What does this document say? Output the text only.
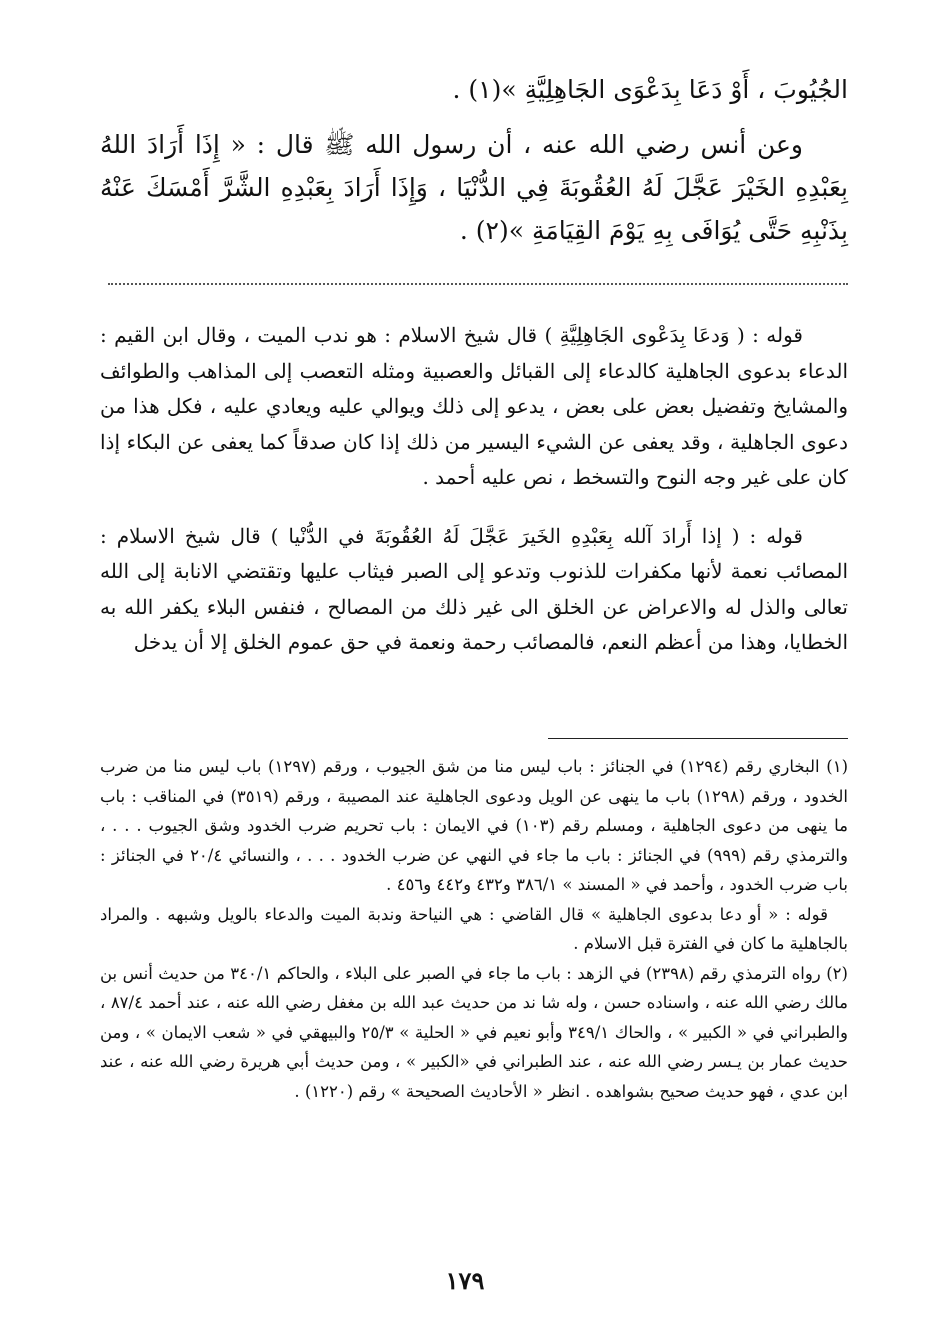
الجُيُوبَ ، أَوْ دَعَا بِدَعْوَى الجَاهِلِيَّةِ »(١) .

وعن أنس رضي الله عنه ، أن رسول الله ﷺ قال : « إِذَا أَرَادَ اللهُ بِعَبْدِهِ الخَيْرَ عَجَّلَ لَهُ العُقُوبَةَ فِي الدُّنْيَا ، وَإِذَا أَرَادَ بِعَبْدِهِ الشَّرَّ أَمْسَكَ عَنْهُ بِذَنْبِهِ حَتَّى يُوَافَى بِهِ يَوْمَ القِيَامَةِ »(٢) .

قوله : ( وَدعَا بِدَعْوى الجَاهِلِيَّةِ ) قال شيخ الاسلام : هو ندب الميت ، وقال ابن القيم : الدعاء بدعوى الجاهلية كالدعاء إلى القبائل والعصبية ومثله التعصب إلى المذاهب والطوائف والمشايخ وتفضيل بعض على بعض ، يدعو إلى ذلك ويوالي عليه ويعادي عليه ، فكل هذا من دعوى الجاهلية ، وقد يعفى عن الشيء اليسير من ذلك إذا كان صدقاً كما يعفى عن البكاء إذا كان على غير وجه النوح والتسخط ، نص عليه أحمد .

قوله : ( إذا أَرادَ آلله بِعَبْدِهِ الخَيرَ عَجَّلَ لَهُ العُقُوبَةَ في الدُّنْيا ) قال شيخ الاسلام : المصائب نعمة لأنها مكفرات للذنوب وتدعو إلى الصبر فيثاب عليها وتقتضي الانابة إلى الله تعالى والذل له والاعراض عن الخلق الى غير ذلك من المصالح ، فنفس البلاء يكفر الله به الخطايا، وهذا من أعظم النعم، فالمصائب رحمة ونعمة في حق عموم الخلق إلا أن يدخل

(١) البخاري رقم (١٢٩٤) في الجنائز : باب ليس منا من شق الجيوب ، ورقم (١٢٩٧) باب ليس منا من ضرب الخدود ، ورقم (١٢٩٨) باب ما ينهى عن الويل ودعوى الجاهلية عند المصيبة ، ورقم (٣٥١٩) في المناقب : باب ما ينهى من دعوى الجاهلية ، ومسلم رقم (١٠٣) في الايمان : باب تحريم ضرب الخدود وشق الجيوب . . . ، والترمذي رقم (٩٩٩) في الجنائز : باب ما جاء في النهي عن ضرب الخدود . . . ، والنسائي ٢٠/٤ في الجنائز : باب ضرب الخدود ، وأحمد في « المسند » ٣٨٦/١ و٤٣٢ و٤٤٢ و٤٥٦ .

قوله : « أو دعا بدعوى الجاهلية » قال القاضي : هي النياحة وندبة الميت والدعاء بالويل وشبهه . والمراد بالجاهلية ما كان في الفترة قبل الاسلام .

(٢) رواه الترمذي رقم (٢٣٩٨) في الزهد : باب ما جاء في الصبر على البلاء ، والحاكم ٣٤٠/١ من حديث أنس بن مالك رضي الله عنه ، واسناده حسن ، وله شا ند من حديث عبد الله بن مغفل رضي الله عنه ، عند أحمد ٨٧/٤ ، والطبراني في « الكبير » ، والحاك ٣٤٩/١ وأبو نعيم في « الحلية » ٢٥/٣ والبيهقي في « شعب الايمان » ، ومن حديث عمار بن يـسر رضي الله عنه ، عند الطبراني في «الكبير » ، ومن حديث أبي هريرة رضي الله عنه ، عند ابن عدي ، فهو حديث صحيح بشواهده . انظر « الأحاديث الصحيحة » رقم (١٢٢٠) .

١٧٩
